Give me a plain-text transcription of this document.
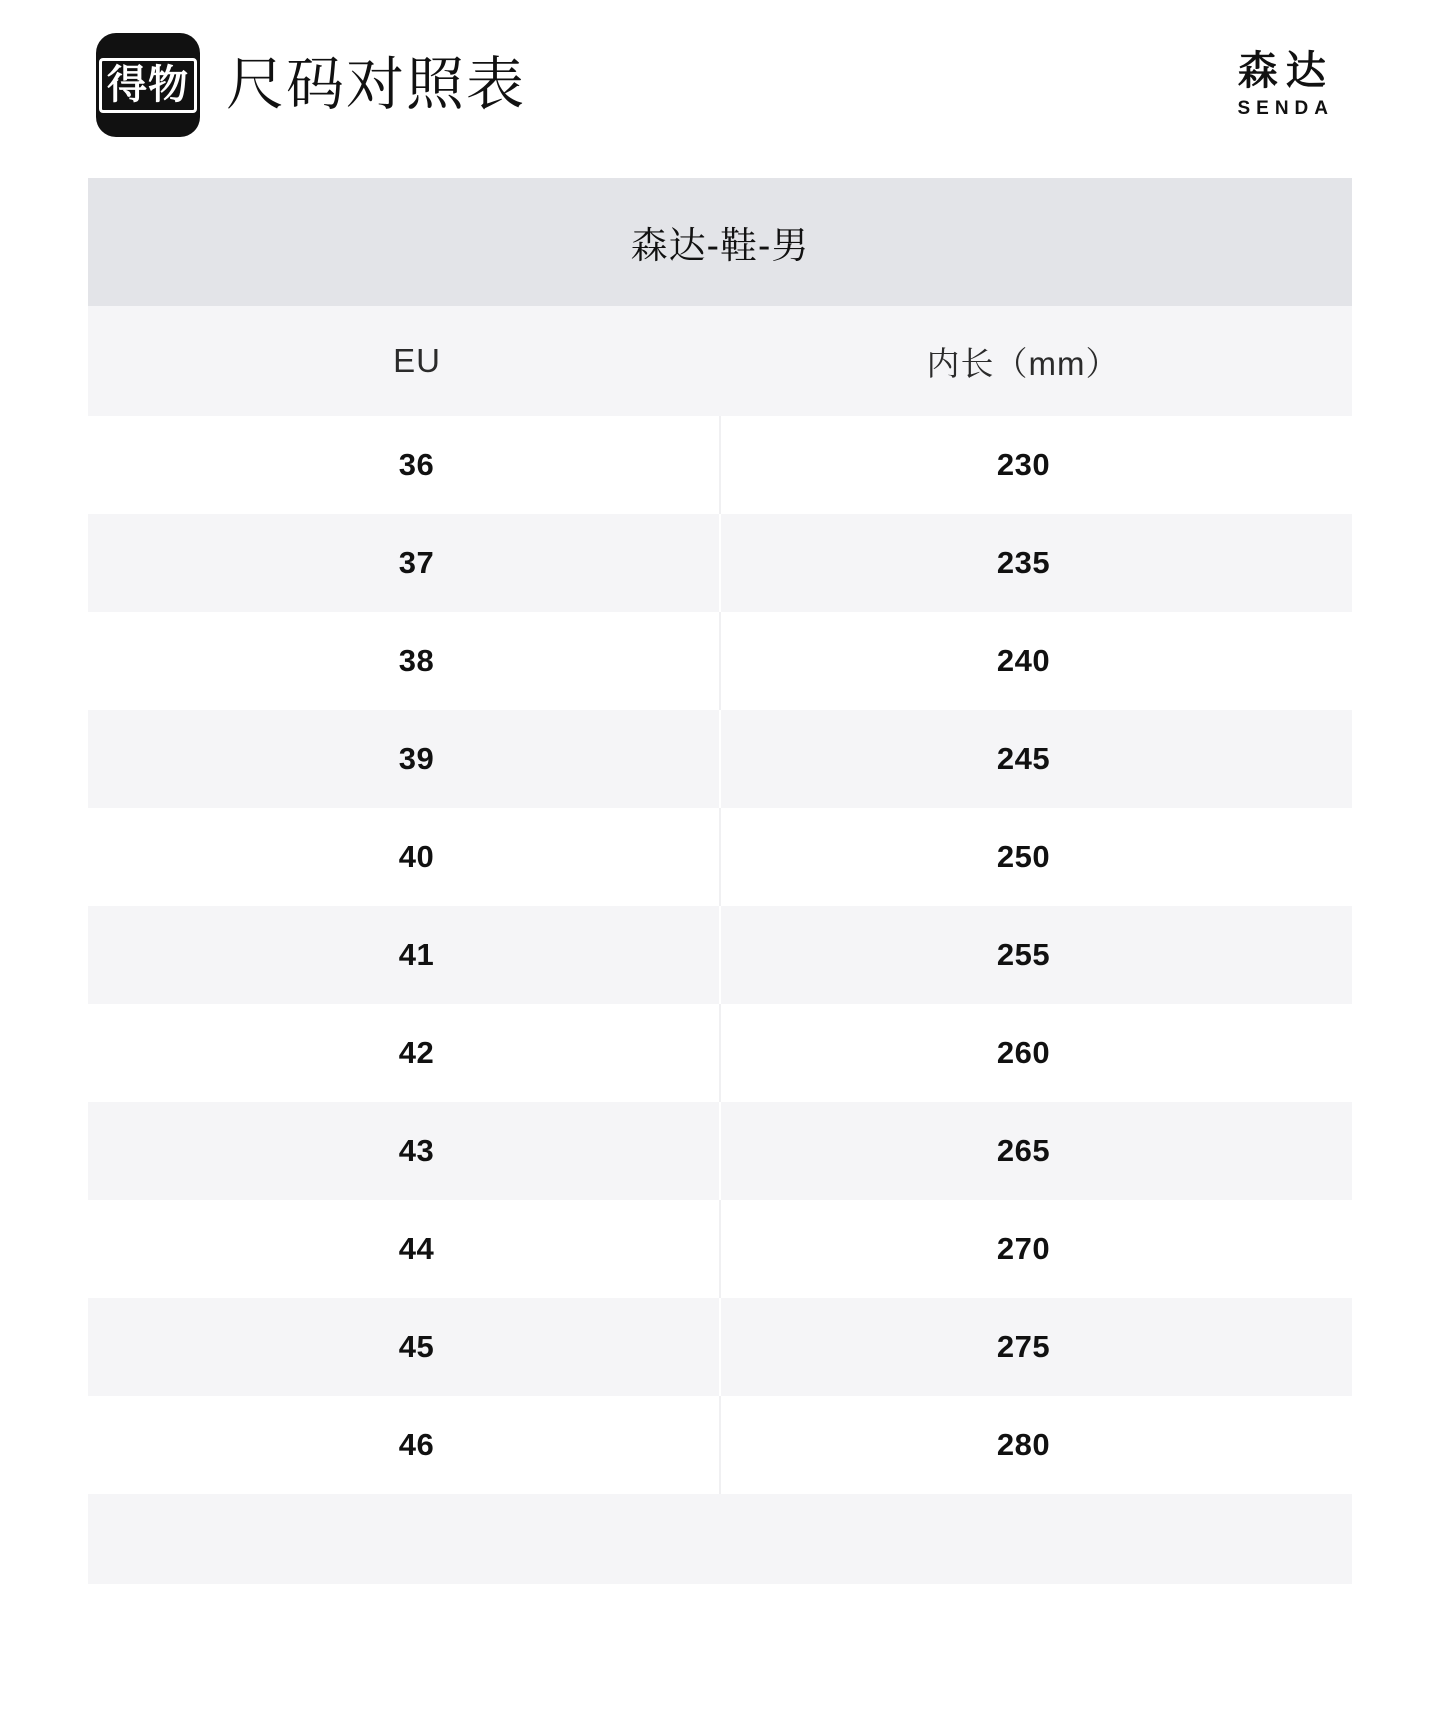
得物 尺码对照表	森达
SENDA
森达-鞋-男
	EU	内长（mm）	
	36	230	
	37	235	
	38	240	
	39	245	
	40	250	
	41	255	
	42	260	
	43	265	
	44	270	
	45	275	
	46	280	
